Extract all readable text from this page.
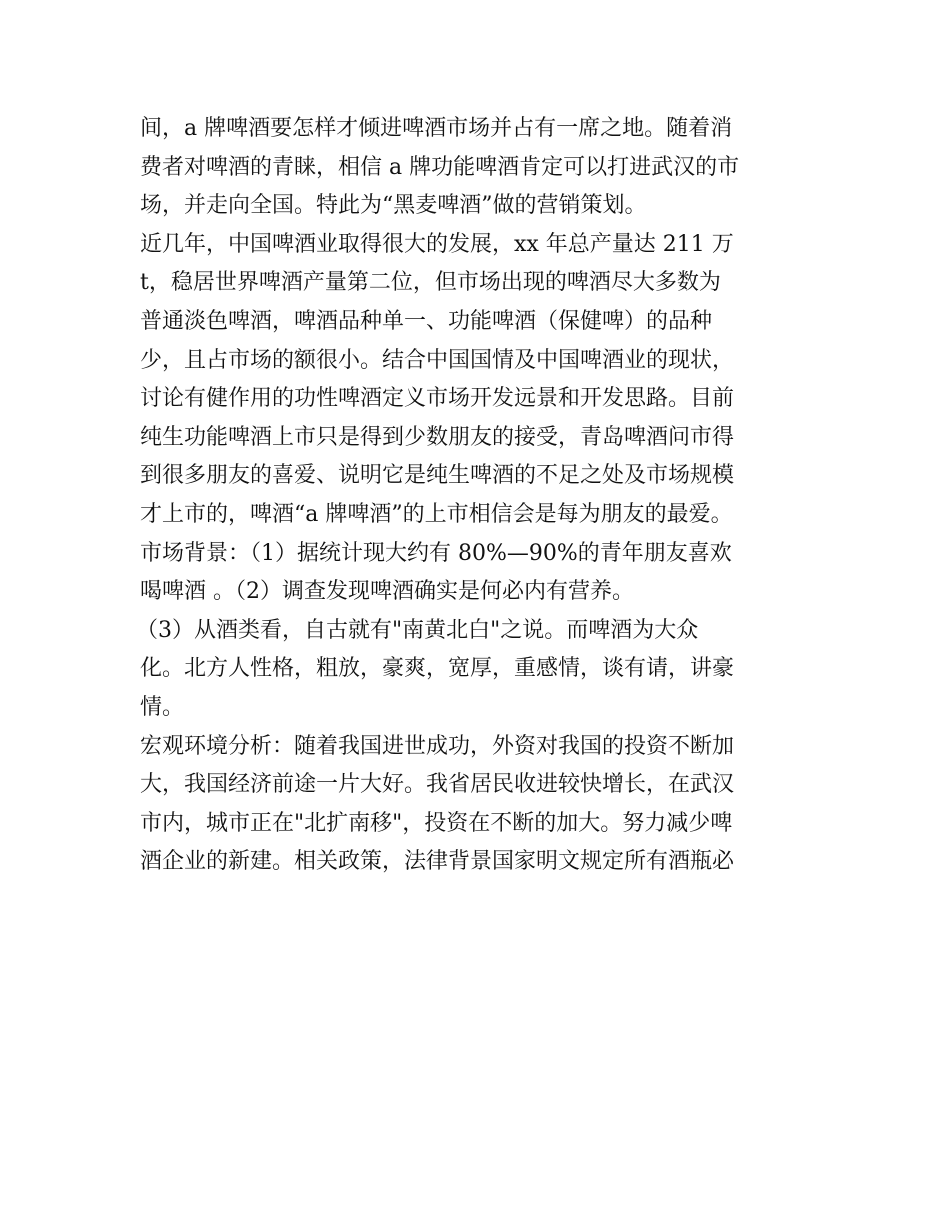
间，a 牌啤酒要怎样才倾进啤酒市场并占有一席之地。随着消
费者对啤酒的青睐，相信 a 牌功能啤酒肯定可以打进武汉的市
场，并走向全国。特此为“黑麦啤酒”做的营销策划。
近几年，中国啤酒业取得很大的发展，xx 年总产量达 211 万
t，稳居世界啤酒产量第二位，但市场出现的啤酒尽大多数为
普通淡色啤酒，啤酒品种单一、功能啤酒（保健啤）的品种
少，且占市场的额很小。结合中国国情及中国啤酒业的现状，
讨论有健作用的功性啤酒定义市场开发远景和开发思路。目前
纯生功能啤酒上市只是得到少数朋友的接受，青岛啤酒问市得
到很多朋友的喜爱、说明它是纯生啤酒的不足之处及市场规模
才上市的，啤酒“a 牌啤酒”的上市相信会是每为朋友的最爱。
市场背景：（1）据统计现大约有 80%—90%的青年朋友喜欢
喝啤酒 。（2）调查发现啤酒确实是何必内有营养。
（3）从酒类看，自古就有"南黄北白"之说。而啤酒为大众
化。北方人性格，粗放，豪爽，宽厚，重感情，谈有请，讲豪
情。
宏观环境分析：随着我国进世成功，外资对我国的投资不断加
大，我国经济前途一片大好。我省居民收进较快增长，在武汉
市内，城市正在"北扩南移"，投资在不断的加大。努力减少啤
酒企业的新建。相关政策，法律背景国家明文规定所有酒瓶必
